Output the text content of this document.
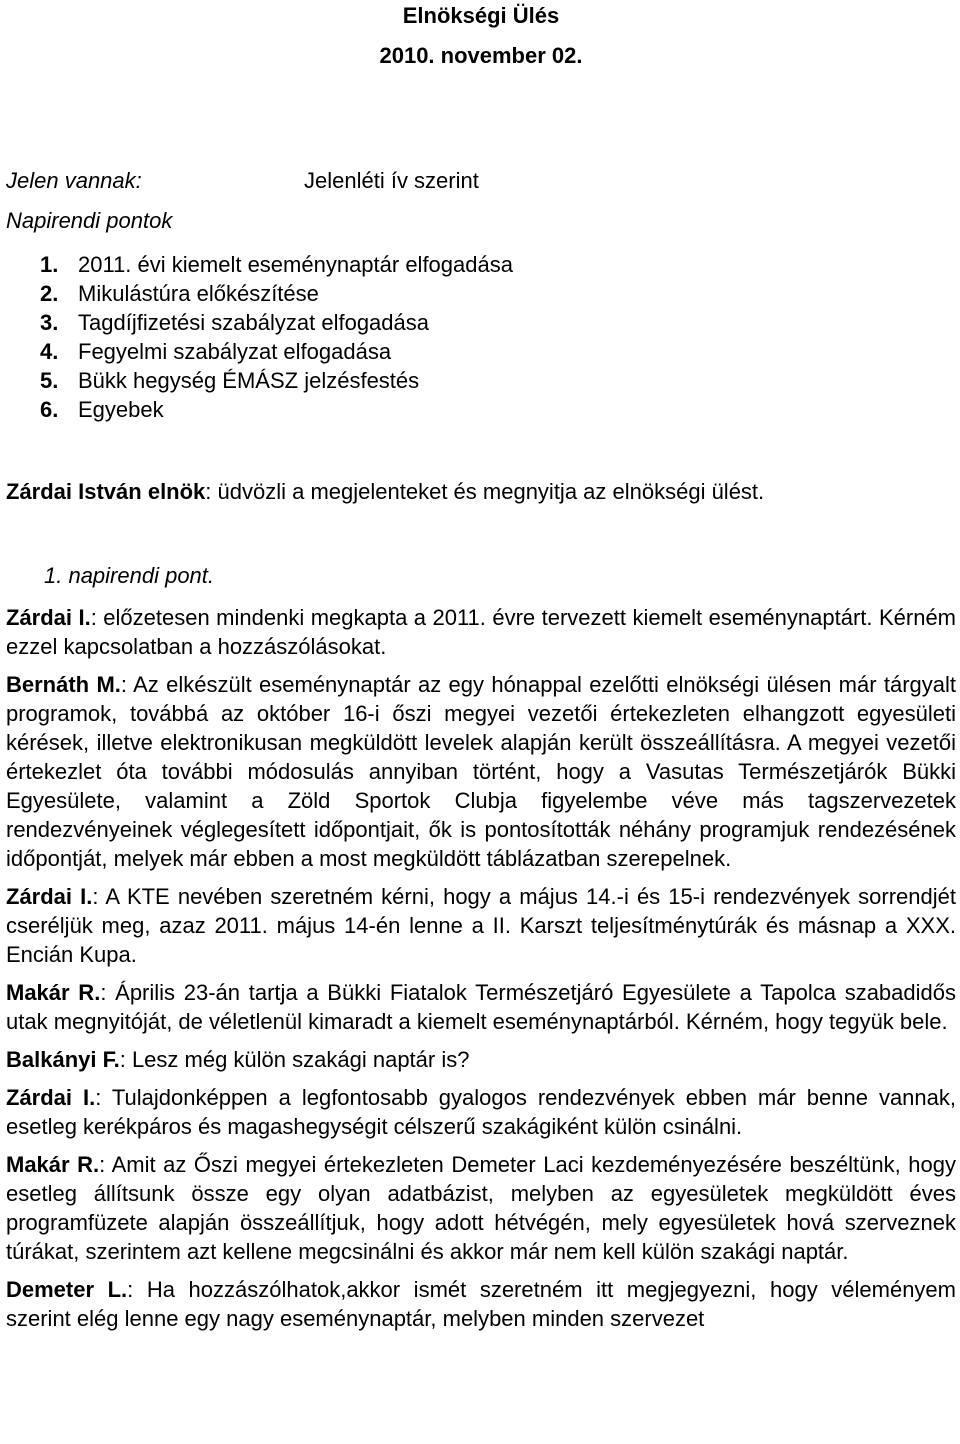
Elnökségi Ülés
2010. november 02.
Jelen vannak:	Jelenléti ív szerint
Napirendi pontok
1. 2011. évi kiemelt eseménynaptár elfogadása
2. Mikulástúra előkészítése
3. Tagdíjfizetési szabályzat elfogadása
4. Fegyelmi szabályzat elfogadása
5. Bükk hegység ÉMÁSZ jelzésfestés
6. Egyebek
Zárdai István elnök: üdvözli a megjelenteket és megnyitja az elnökségi ülést.
1. napirendi pont.

Zárdai I.: előzetesen mindenki megkapta a 2011. évre tervezett kiemelt eseménynaptárt. Kérném ezzel kapcsolatban a hozzászólásokat.

Bernáth M.: Az elkészült eseménynaptár az egy hónappal ezelőtti elnökségi ülésen már tárgyalt programok, továbbá az október 16-i őszi megyei vezetői értekezleten elhangzott egyesületi kérések, illetve elektronikusan megküldött levelek alapján került összeállításra. A megyei vezetői értekezlet óta további módosulás annyiban történt, hogy a Vasutas Természetjárók Bükki Egyesülete, valamint a Zöld Sportok Clubja figyelembe véve más tagszervezetek rendezvényeinek véglegesített időpontjait, ők is pontosították néhány programjuk rendezésének időpontját, melyek már ebben a most megküldött táblázatban szerepelnek.

Zárdai I.: A KTE nevében szeretném kérni, hogy a május 14.-i és 15-i rendezvények sorrendjét cseréljük meg, azaz 2011. május 14-én lenne a II. Karszt teljesítménytúrák és másnap a XXX. Encián Kupa.

Makár R.: Április 23-án tartja a Bükki Fiatalok Természetjáró Egyesülete a Tapolca szabadidős utak megnyitóját, de véletlenül kimaradt a kiemelt eseménynaptárból. Kérném, hogy tegyük bele.

Balkányi F.: Lesz még külön szakági naptár is?

Zárdai I.: Tulajdonképpen a legfontosabb gyalogos rendezvények ebben már benne vannak, esetleg kerékpáros és magashegységit célszerű szakágiként külön csinálni.

Makár R.: Amit az Őszi megyei értekezleten Demeter Laci kezdeményezésére beszéltünk, hogy esetleg állítsunk össze egy olyan adatbázist, melyben az egyesületek megküldött éves programfüzete alapján összeállítjuk, hogy adott hétvégén, mely egyesületek hová szerveznek túrákat, szerintem azt kellene megcsinálni és akkor már nem kell külön szakági naptár.

Demeter L.: Ha hozzászólhatok,akkor ismét szeretném itt megjegyezni, hogy véleményem szerint elég lenne egy nagy eseménynaptár, melyben minden szervezet
